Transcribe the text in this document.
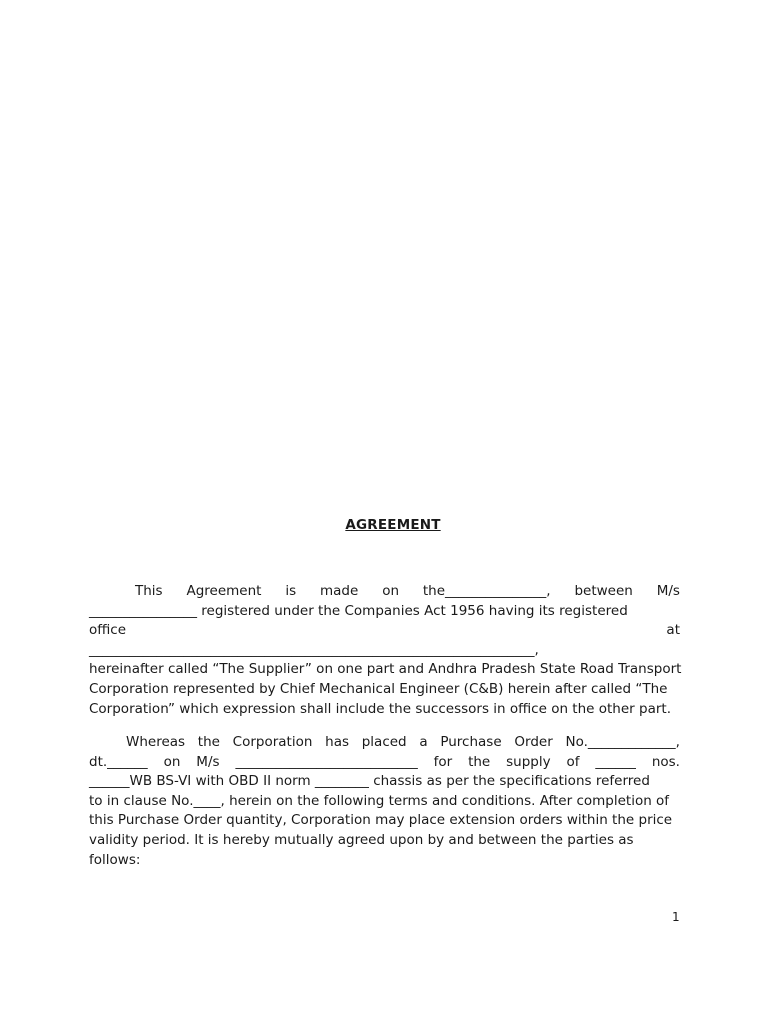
AGREEMENT
This Agreement is made on the_______________, between M/s
________________ registered under the Companies Act 1956 having its registered
office	at
__________________________________________________________________,
hereinafter called “The Supplier” on one part and Andhra Pradesh State Road Transport
Corporation represented by Chief Mechanical Engineer (C&B) herein after called “The
Corporation” which expression shall include the successors in office on the other part.
Whereas the Corporation has placed a Purchase Order No._____________,
dt.______ on M/s ___________________________ for the supply of ______ nos.
______WB BS-VI with OBD II norm ________ chassis as per the specifications referred
to in clause No.____, herein on the following terms and conditions. After completion of
this Purchase Order quantity, Corporation may place extension orders within the price
validity period. It is hereby mutually agreed upon by and between the parties as
follows:
1
